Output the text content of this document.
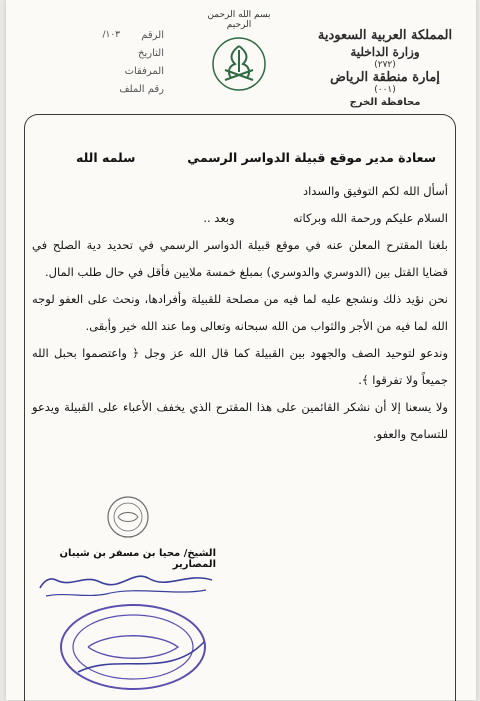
المملكة العربية السعودية
وزارة الداخلية
(٢٧٢)
إمارة منطقة الرياض
(٠٠١)
محافظة الخرج
بسم الله الرحمن الرحيم
الرقم
١٠٣/
التاريخ
المرفقات
رقم الملف
سعادة مدير موقع قبيلة الدواسر الرسمي
سلمه الله

أسأل الله لكم التوفيق والسداد

السلام عليكم ورحمة الله وبركاته                وبعد ..

بلغنا المقترح المعلن عنه في موقع قبيلة الدواسر الرسمي في تحديد دية الصلح في قضايا القتل بين (الدوسري والدوسري) بمبلغ خمسة ملايين فأقل في حال طلب المال.

نحن نؤيد ذلك ونشجع عليه لما فيه من مصلحة للقبيلة وأفرادها، ونحث على العفو لوجه الله لما فيه من الأجر والثواب من الله سبحانه وتعالى وما عند الله خير وأبقى.

وندعو لتوحيد الصف والجهود بين القبيلة كما قال الله عز وجل ﴿ واعتصموا بحبل الله جميعاً ولا تفرقوا ﴾.

ولا يسعنا إلا أن نشكر القائمين على هذا المقترح الذي يخفف الأعباء على القبيلة ويدعو للتسامح والعفو.

الشيخ/ محيا بن مسفر بن شيبان المصارير
